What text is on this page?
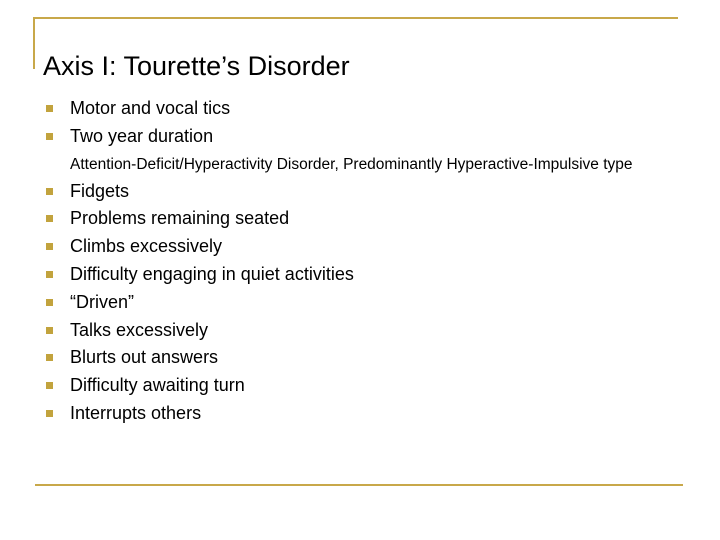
Axis I: Tourette’s Disorder
Motor and vocal tics
Two year duration
Attention-Deficit/Hyperactivity Disorder, Predominantly Hyperactive-Impulsive type
Fidgets
Problems remaining seated
Climbs excessively
Difficulty engaging in quiet activities
“Driven”
Talks excessively
Blurts out answers
Difficulty awaiting turn
Interrupts others
